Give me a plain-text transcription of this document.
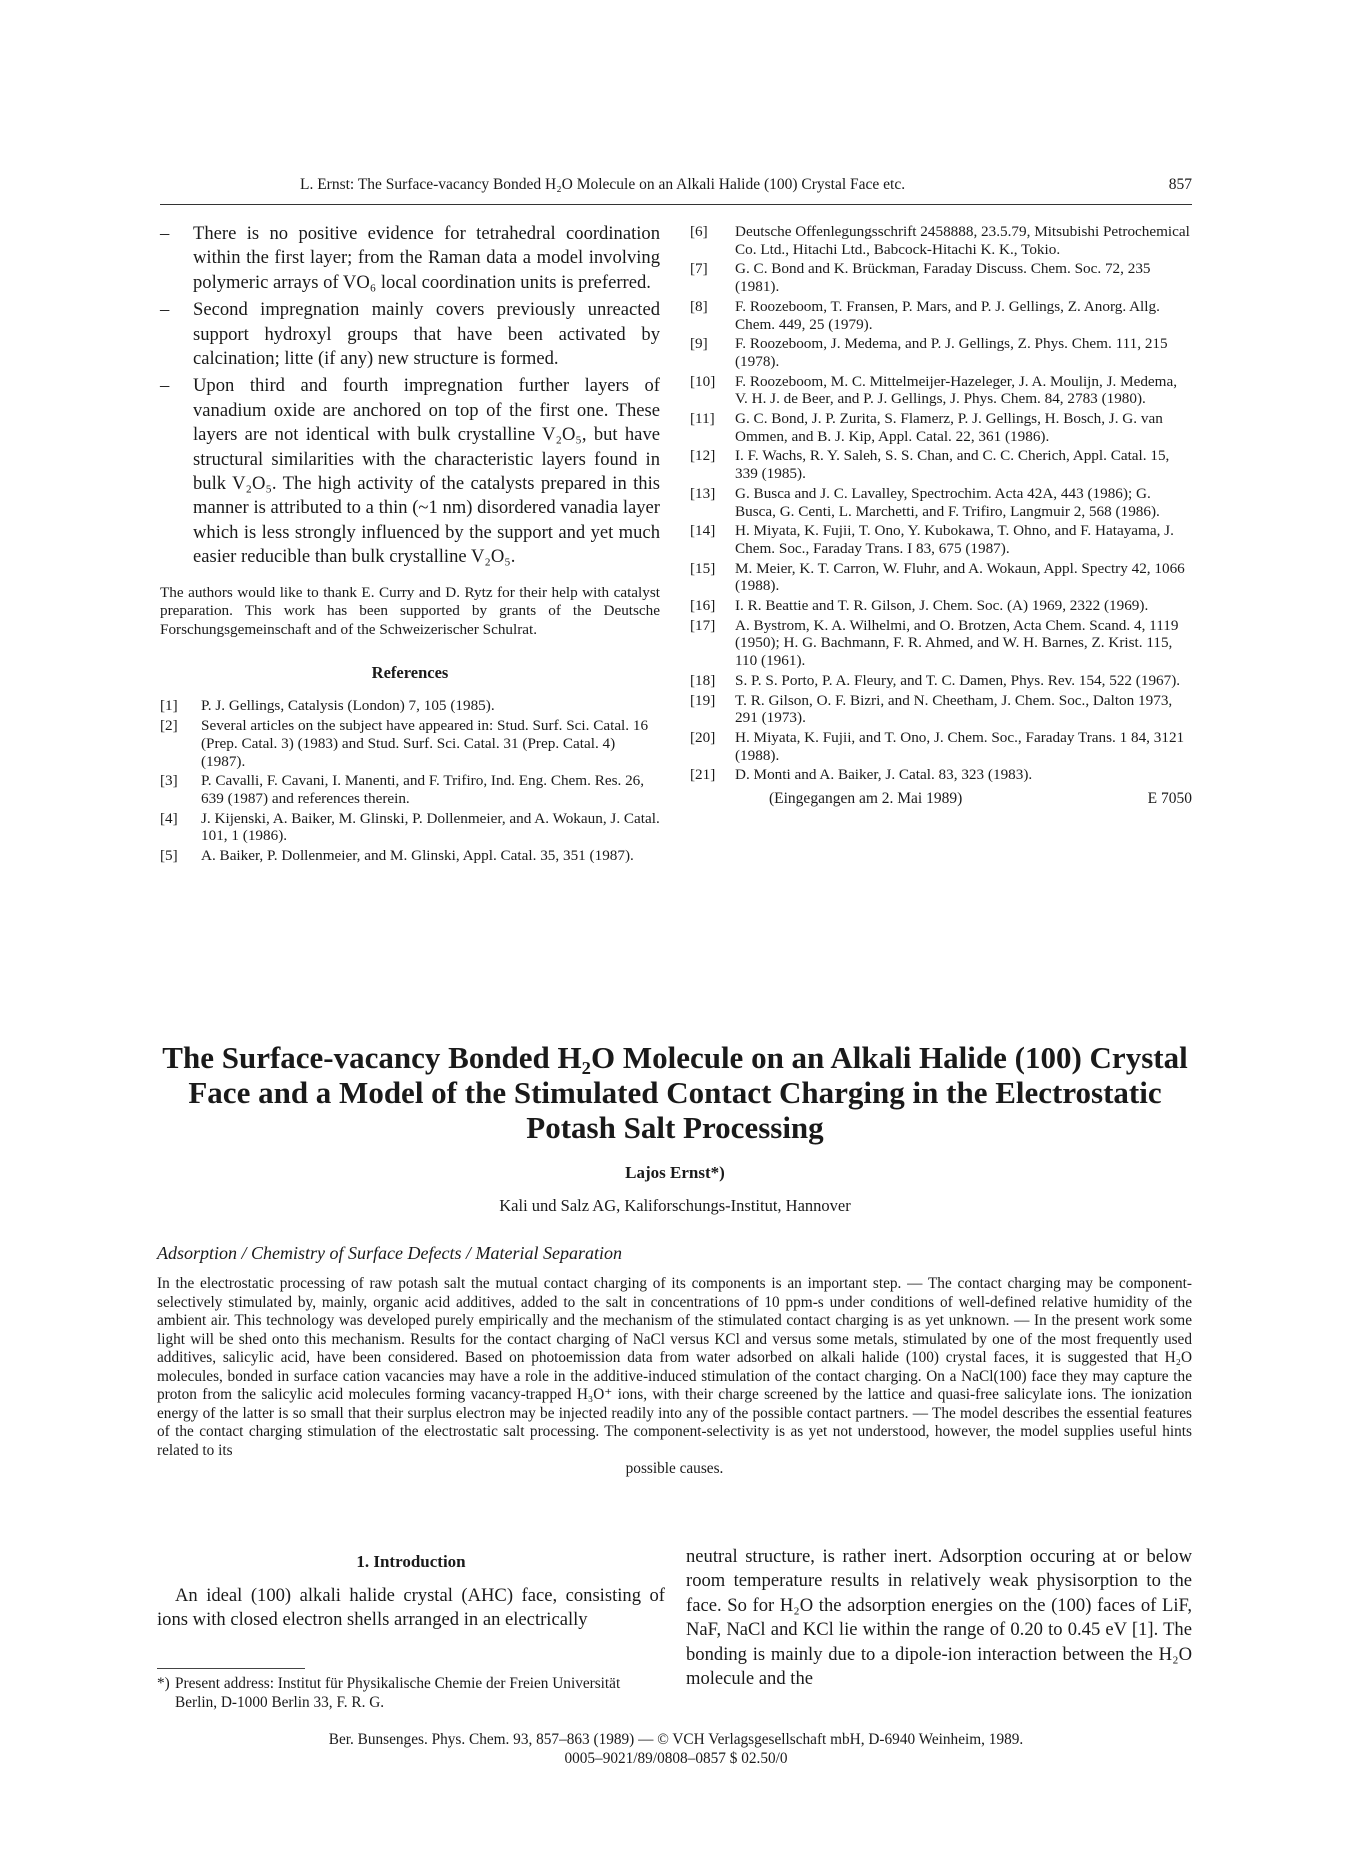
L. Ernst: The Surface-vacancy Bonded H₂O Molecule on an Alkali Halide (100) Crystal Face etc.	857
– There is no positive evidence for tetrahedral coordination within the first layer; from the Raman data a model involving polymeric arrays of VO₆ local coordination units is preferred.
– Second impregnation mainly covers previously unreacted support hydroxyl groups that have been activated by calcination; litte (if any) new structure is formed.
– Upon third and fourth impregnation further layers of vanadium oxide are anchored on top of the first one. These layers are not identical with bulk crystalline V₂O₅, but have structural similarities with the characteristic layers found in bulk V₂O₅. The high activity of the catalysts prepared in this manner is attributed to a thin (~1 nm) disordered vanadia layer which is less strongly influenced by the support and yet much easier reducible than bulk crystalline V₂O₅.
The authors would like to thank E. Curry and D. Rytz for their help with catalyst preparation. This work has been supported by grants of the Deutsche Forschungsgemeinschaft and of the Schweizerischer Schulrat.
References
[1] P. J. Gellings, Catalysis (London) 7, 105 (1985).
[2] Several articles on the subject have appeared in: Stud. Surf. Sci. Catal. 16 (Prep. Catal. 3) (1983) and Stud. Surf. Sci. Catal. 31 (Prep. Catal. 4) (1987).
[3] P. Cavalli, F. Cavani, I. Manenti, and F. Trifiro, Ind. Eng. Chem. Res. 26, 639 (1987) and references therein.
[4] J. Kijenski, A. Baiker, M. Glinski, P. Dollenmeier, and A. Wokaun, J. Catal. 101, 1 (1986).
[5] A. Baiker, P. Dollenmeier, and M. Glinski, Appl. Catal. 35, 351 (1987).
[6] Deutsche Offenlegungsschrift 2458888, 23.5.79, Mitsubishi Petrochemical Co. Ltd., Hitachi Ltd., Babcock-Hitachi K. K., Tokio.
[7] G. C. Bond and K. Brückman, Faraday Discuss. Chem. Soc. 72, 235 (1981).
[8] F. Roozeboom, T. Fransen, P. Mars, and P. J. Gellings, Z. Anorg. Allg. Chem. 449, 25 (1979).
[9] F. Roozeboom, J. Medema, and P. J. Gellings, Z. Phys. Chem. 111, 215 (1978).
[10] F. Roozeboom, M. C. Mittelmeijer-Hazeleger, J. A. Moulijn, J. Medema, V. H. J. de Beer, and P. J. Gellings, J. Phys. Chem. 84, 2783 (1980).
[11] G. C. Bond, J. P. Zurita, S. Flamerz, P. J. Gellings, H. Bosch, J. G. van Ommen, and B. J. Kip, Appl. Catal. 22, 361 (1986).
[12] I. F. Wachs, R. Y. Saleh, S. S. Chan, and C. C. Cherich, Appl. Catal. 15, 339 (1985).
[13] G. Busca and J. C. Lavalley, Spectrochim. Acta 42A, 443 (1986); G. Busca, G. Centi, L. Marchetti, and F. Trifiro, Langmuir 2, 568 (1986).
[14] H. Miyata, K. Fujii, T. Ono, Y. Kubokawa, T. Ohno, and F. Hatayama, J. Chem. Soc., Faraday Trans. I 83, 675 (1987).
[15] M. Meier, K. T. Carron, W. Fluhr, and A. Wokaun, Appl. Spectry 42, 1066 (1988).
[16] I. R. Beattie and T. R. Gilson, J. Chem. Soc. (A) 1969, 2322 (1969).
[17] A. Bystrom, K. A. Wilhelmi, and O. Brotzen, Acta Chem. Scand. 4, 1119 (1950); H. G. Bachmann, F. R. Ahmed, and W. H. Barnes, Z. Krist. 115, 110 (1961).
[18] S. P. S. Porto, P. A. Fleury, and T. C. Damen, Phys. Rev. 154, 522 (1967).
[19] T. R. Gilson, O. F. Bizri, and N. Cheetham, J. Chem. Soc., Dalton 1973, 291 (1973).
[20] H. Miyata, K. Fujii, and T. Ono, J. Chem. Soc., Faraday Trans. 1 84, 3121 (1988).
[21] D. Monti and A. Baiker, J. Catal. 83, 323 (1983).
(Eingegangen am 2. Mai 1989)	E 7050
The Surface-vacancy Bonded H₂O Molecule on an Alkali Halide (100) Crystal
Face and a Model of the Stimulated Contact Charging in the Electrostatic
Potash Salt Processing
Lajos Ernst*)
Kali und Salz AG, Kaliforschungs-Institut, Hannover
Adsorption / Chemistry of Surface Defects / Material Separation
In the electrostatic processing of raw potash salt the mutual contact charging of its components is an important step. — The contact charging may be component-selectively stimulated by, mainly, organic acid additives, added to the salt in concentrations of 10 ppm-s under conditions of well-defined relative humidity of the ambient air. This technology was developed purely empirically and the mechanism of the stimulated contact charging is as yet unknown. — In the present work some light will be shed onto this mechanism. Results for the contact charging of NaCl versus KCl and versus some metals, stimulated by one of the most frequently used additives, salicylic acid, have been considered. Based on photoemission data from water adsorbed on alkali halide (100) crystal faces, it is suggested that H₂O molecules, bonded in surface cation vacancies may have a role in the additive-induced stimulation of the contact charging. On a NaCl(100) face they may capture the proton from the salicylic acid molecules forming vacancy-trapped H₃O⁺ ions, with their charge screened by the lattice and quasi-free salicylate ions. The ionization energy of the latter is so small that their surplus electron may be injected readily into any of the possible contact partners. — The model describes the essential features of the contact charging stimulation of the electrostatic salt processing. The component-selectivity is as yet not understood, however, the model supplies useful hints related to its
possible causes.
1. Introduction
An ideal (100) alkali halide crystal (AHC) face, consisting of ions with closed electron shells arranged in an electrically
*) Present address: Institut für Physikalische Chemie der Freien Universität Berlin, D-1000 Berlin 33, F. R. G.
neutral structure, is rather inert. Adsorption occuring at or below room temperature results in relatively weak physisorption to the face. So for H₂O the adsorption energies on the (100) faces of LiF, NaF, NaCl and KCl lie within the range of 0.20 to 0.45 eV [1]. The bonding is mainly due to a dipole-ion interaction between the H₂O molecule and the
Ber. Bunsenges. Phys. Chem. 93, 857–863 (1989) — © VCH Verlagsgesellschaft mbH, D-6940 Weinheim, 1989.
0005–9021/89/0808–0857 $ 02.50/0
